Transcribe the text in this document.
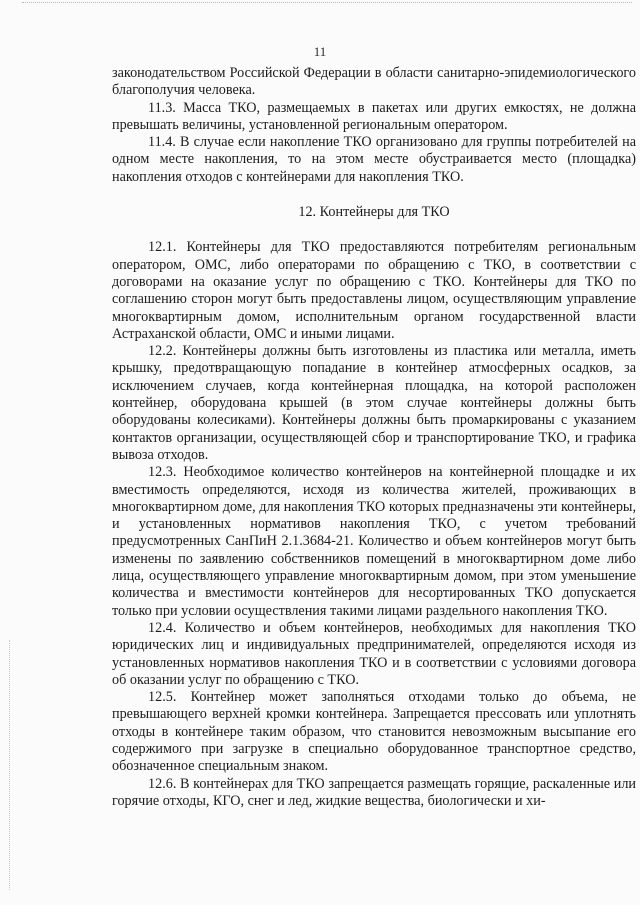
11

законодательством Российской Федерации в области санитарно-эпидемиологического благополучия человека.

11.3. Масса ТКО, размещаемых в пакетах или других емкостях, не должна превышать величины, установленной региональным оператором.

11.4. В случае если накопление ТКО организовано для группы потребителей на одном месте накопления, то на этом месте обустраивается место (площадка) накопления отходов с контейнерами для накопления ТКО.

12. Контейнеры для ТКО

12.1. Контейнеры для ТКО предоставляются потребителям региональным оператором, ОМС, либо операторами по обращению с ТКО, в соответствии с договорами на оказание услуг по обращению с ТКО. Контейнеры для ТКО по соглашению сторон могут быть предоставлены лицом, осуществляющим управление многоквартирным домом, исполнительным органом государственной власти Астраханской области, ОМС и иными лицами.

12.2. Контейнеры должны быть изготовлены из пластика или металла, иметь крышку, предотвращающую попадание в контейнер атмосферных осадков, за исключением случаев, когда контейнерная площадка, на которой расположен контейнер, оборудована крышей (в этом случае контейнеры должны быть оборудованы колесиками). Контейнеры должны быть промаркированы с указанием контактов организации, осуществляющей сбор и транспортирование ТКО, и графика вывоза отходов.

12.3. Необходимое количество контейнеров на контейнерной площадке и их вместимость определяются, исходя из количества жителей, проживающих в многоквартирном доме, для накопления ТКО которых предназначены эти контейнеры, и установленных нормативов накопления ТКО, с учетом требований предусмотренных СанПиН 2.1.3684-21. Количество и объем контейнеров могут быть изменены по заявлению собственников помещений в многоквартирном доме либо лица, осуществляющего управление многоквартирным домом, при этом уменьшение количества и вместимости контейнеров для несортированных ТКО допускается только при условии осуществления такими лицами раздельного накопления ТКО.

12.4. Количество и объем контейнеров, необходимых для накопления ТКО юридических лиц и индивидуальных предпринимателей, определяются исходя из установленных нормативов накопления ТКО и в соответствии с условиями договора об оказании услуг по обращению с ТКО.

12.5. Контейнер может заполняться отходами только до объема, не превышающего верхней кромки контейнера. Запрещается прессовать или уплотнять отходы в контейнере таким образом, что становится невозможным высыпание его содержимого при загрузке в специально оборудованное транспортное средство, обозначенное специальным знаком.

12.6. В контейнерах для ТКО запрещается размещать горящие, раскаленные или горячие отходы, КГО, снег и лед, жидкие вещества, биологически и хи-
